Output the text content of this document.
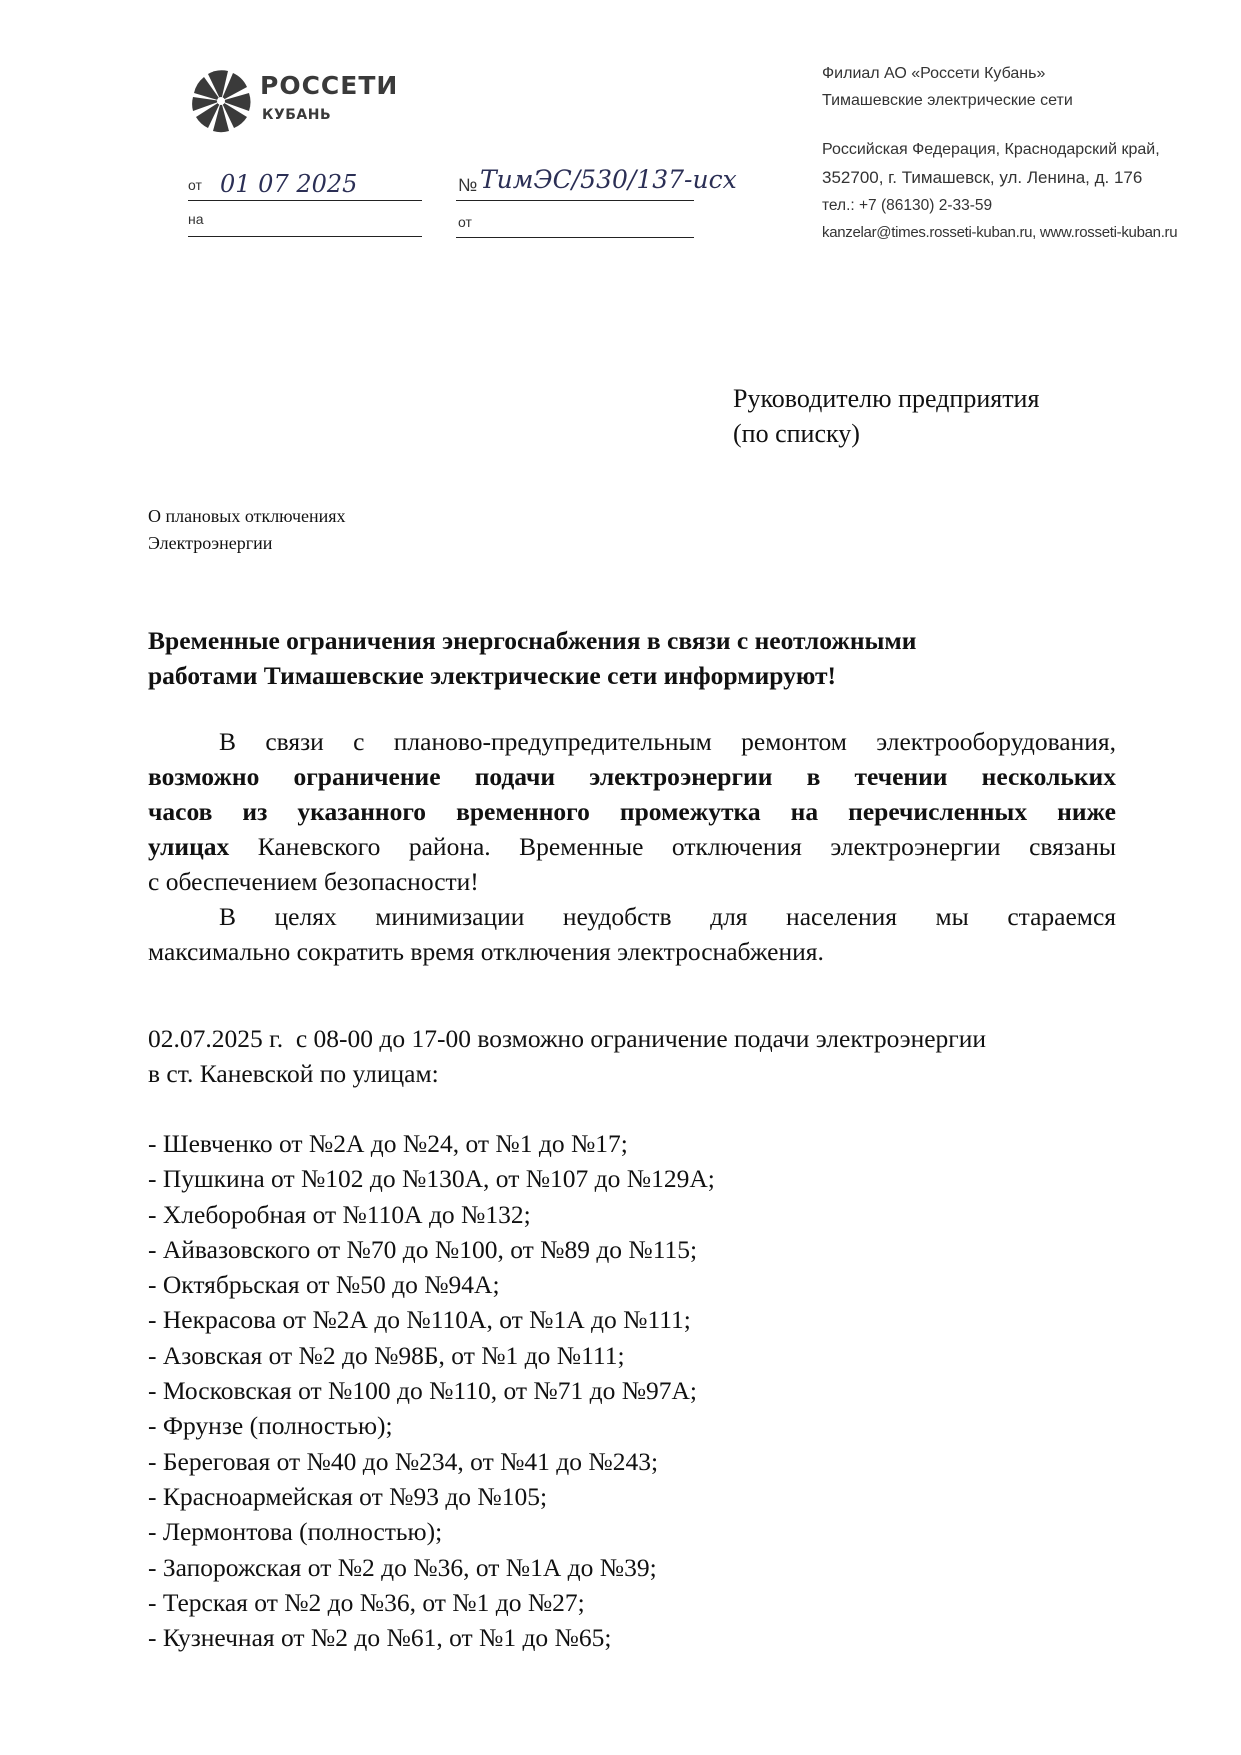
РОССЕТИ
КУБАНЬ
от 01 07 2025
на
№ ТимЭС/530/137-исх
от
Филиал АО «Россети Кубань»
Тимашевские электрические сети
Российская Федерация, Краснодарский край,
352700, г. Тимашевск, ул. Ленина, д. 176
тел.: +7 (86130) 2-33-59
kanzelar@times.rosseti-kuban.ru, www.rosseti-kuban.ru
Руководителю предприятия
(по списку)
О плановых отключениях
Электроэнергии
Временные ограничения энергоснабжения в связи с неотложными
работами Тимашевские электрические сети информируют!
В связи с планово-предупредительным ремонтом электрооборудования,
возможно ограничение подачи электроэнергии в течении нескольких
часов из указанного временного промежутка на перечисленных ниже
улицах Каневского района. Временные отключения электроэнергии связаны
с обеспечением безопасности!
В целях минимизации неудобств для населения мы стараемся
максимально сократить время отключения электроснабжения.
02.07.2025 г.  с 08-00 до 17-00 возможно ограничение подачи электроэнергии
в ст. Каневской по улицам:
- Шевченко от №2А до №24, от №1 до №17;
- Пушкина от №102 до №130А, от №107 до №129А;
- Хлеборобная от №110А до №132;
- Айвазовского от №70 до №100, от №89 до №115;
- Октябрьская от №50 до №94А;
- Некрасова от №2А до №110А, от №1А до №111;
- Азовская от №2 до №98Б, от №1 до №111;
- Московская от №100 до №110, от №71 до №97А;
- Фрунзе (полностью);
- Береговая от №40 до №234, от №41 до №243;
- Красноармейская от №93 до №105;
- Лермонтова (полностью);
- Запорожская от №2 до №36, от №1А до №39;
- Терская от №2 до №36, от №1 до №27;
- Кузнечная от №2 до №61, от №1 до №65;
